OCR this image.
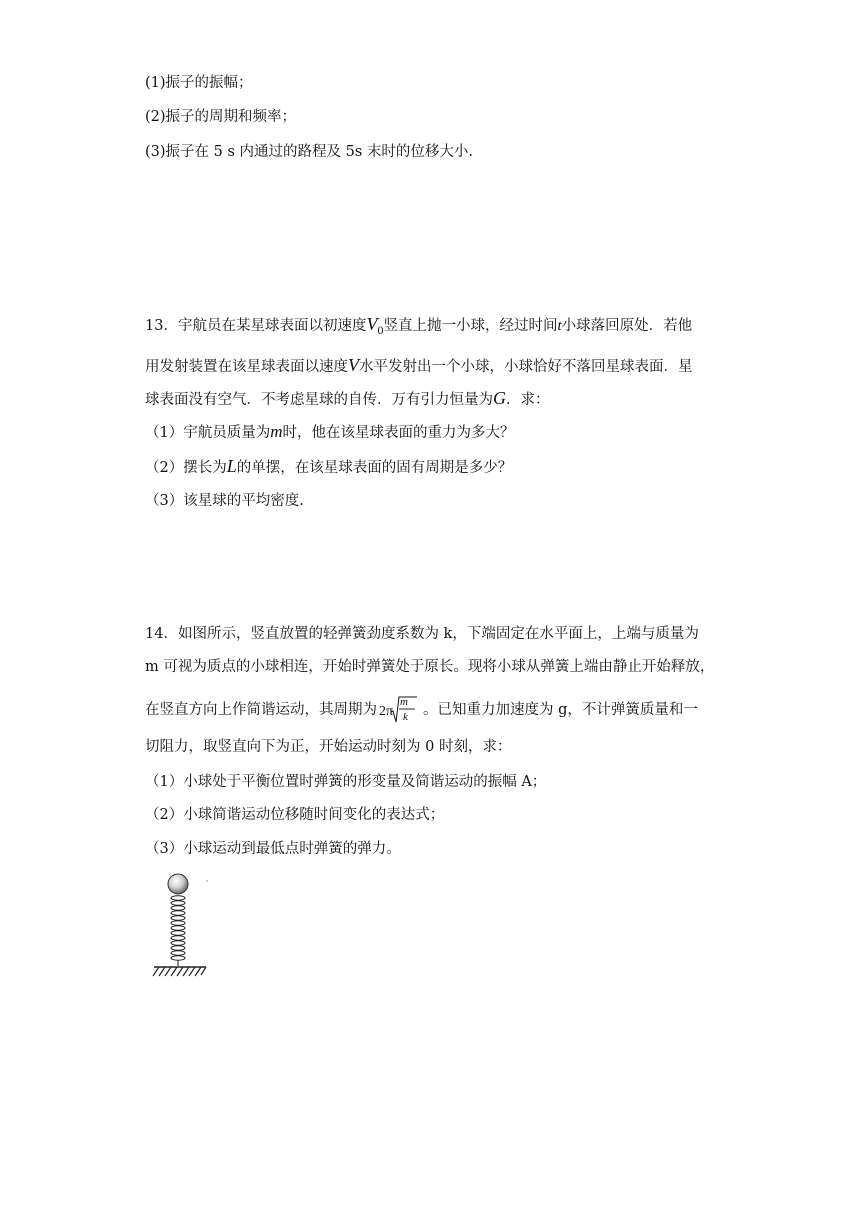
(1)振子的振幅；
(2)振子的周期和频率；
(3)振子在 5 s 内通过的路程及 5s 末时的位移大小.
13．宇航员在某星球表面以初速度$V_0$竖直上抛一小球，经过时间t小球落回原处．若他
用发射装置在该星球表面以速度V水平发射出一个小球，小球恰好不落回星球表面．星
球表面没有空气．不考虑星球的自传．万有引力恒量为G．求：
（1）宇航员质量为m时，他在该星球表面的重力为多大？
（2）摆长为L的单摆，在该星球表面的固有周期是多少？
（3）该星球的平均密度.
14．如图所示，竖直放置的轻弹簧劲度系数为 k，下端固定在水平面上，上端与质量为
m 可视为质点的小球相连，开始时弹簧处于原长。现将小球从弹簧上端由静止开始释放，
在竖直方向上作简谐运动，其周期为 2π
m
k 。已知重力加速度为 g，不计弹簧质量和一
切阻力，取竖直向下为正，开始运动时刻为 0 时刻，求：
（1）小球处于平衡位置时弹簧的形变量及简谐运动的振幅 A；
（2）小球简谐运动位移随时间变化的表达式；
（3）小球运动到最低点时弹簧的弹力。
